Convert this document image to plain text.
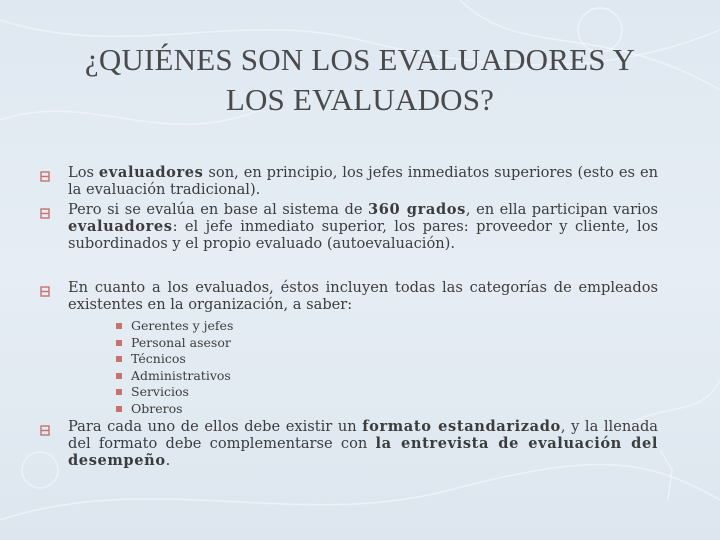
¿QUIÉNES SON LOS EVALUADORES Y LOS EVALUADOS?
Los evaluadores son, en principio, los jefes inmediatos superiores (esto es en la evaluación tradicional).
Pero si se evalúa en base al sistema de 360 grados, en ella participan varios evaluadores: el jefe inmediato superior, los pares: proveedor y cliente, los subordinados y el propio evaluado (autoevaluación).
En cuanto a los evaluados, éstos incluyen todas las categorías de empleados existentes en la organización, a saber:
Gerentes y jefes
Personal asesor
Técnicos
Administrativos
Servicios
Obreros
Para cada uno de ellos debe existir un formato estandarizado, y la llenada del formato debe complementarse con la entrevista de evaluación del desempeño.
